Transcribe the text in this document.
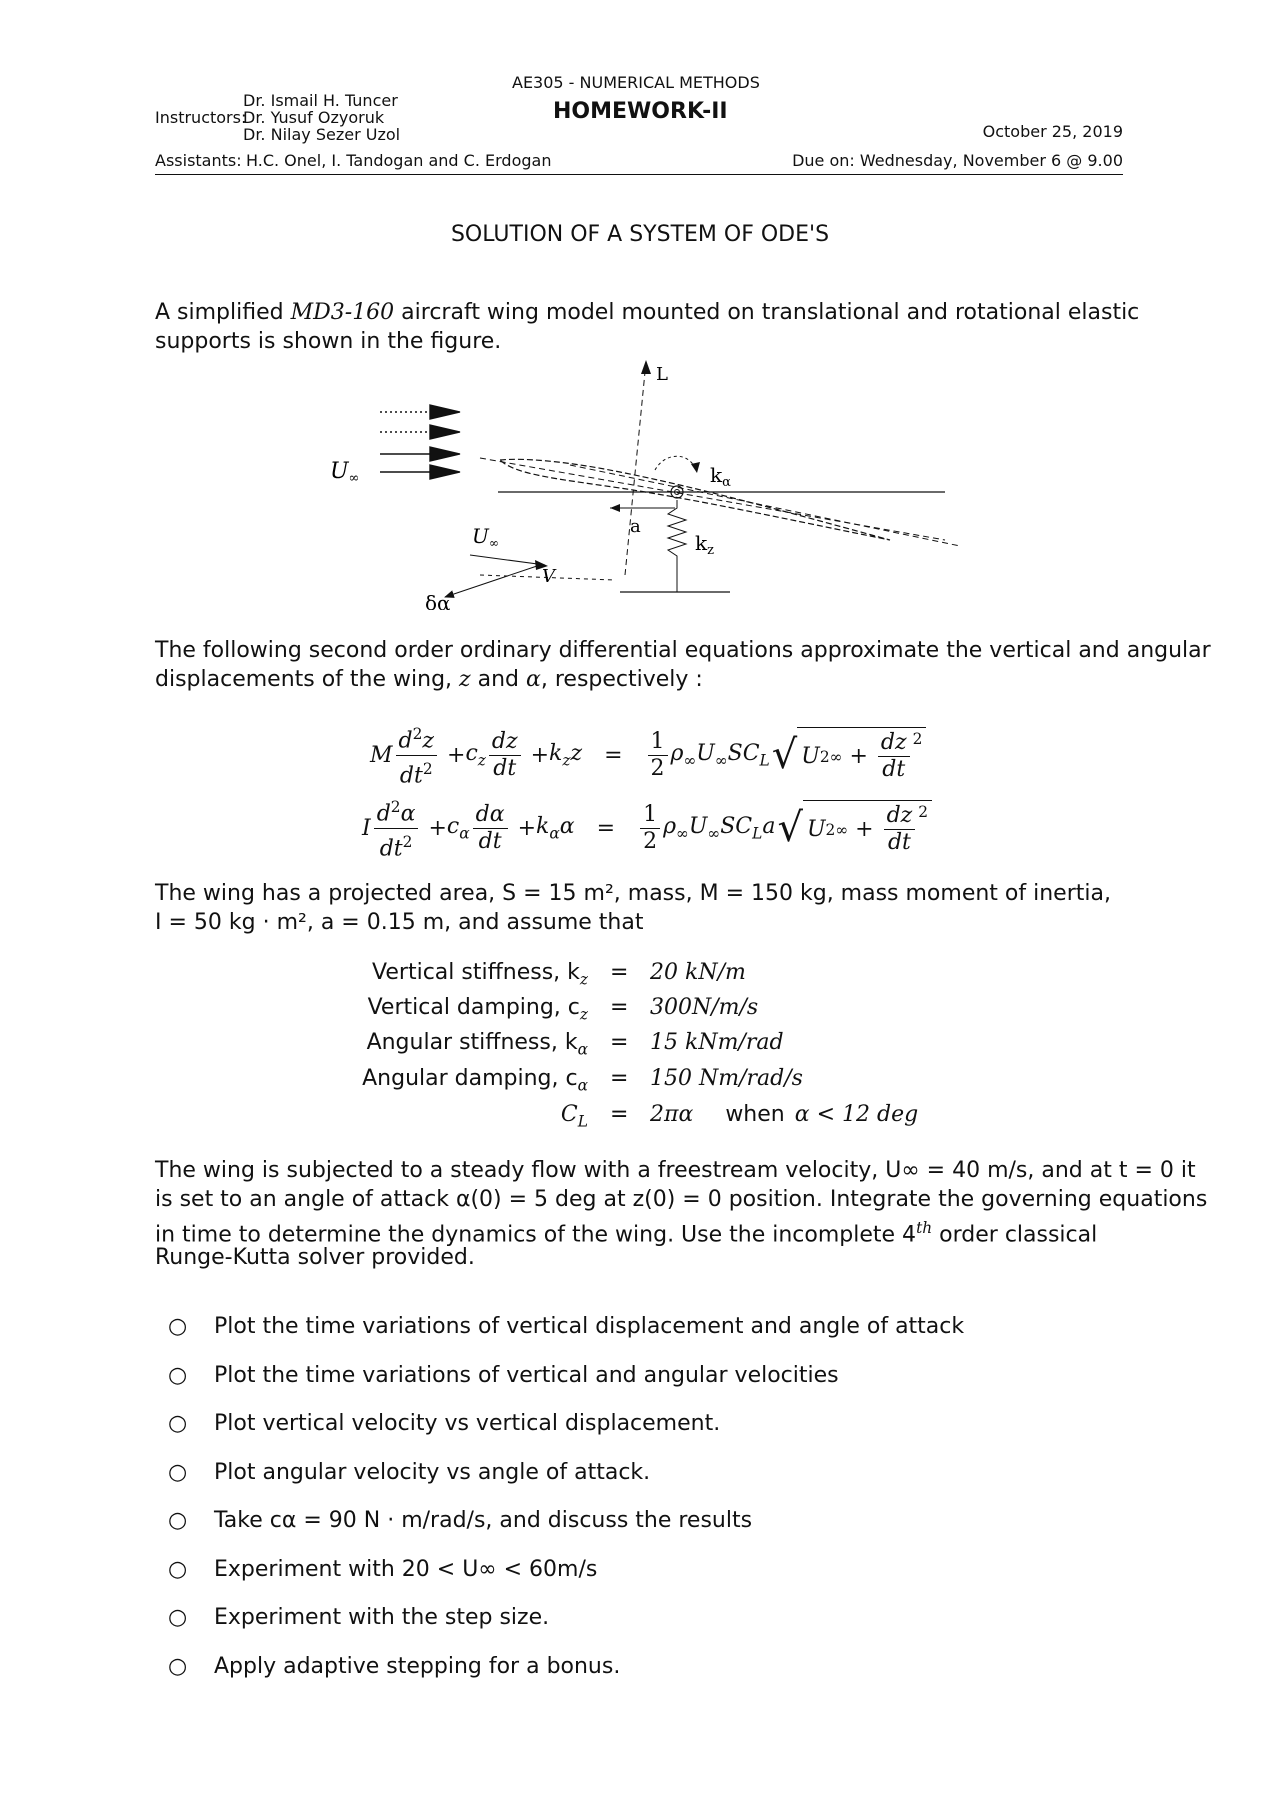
AE305 - NUMERICAL METHODS
HOMEWORK-II
Instructors:
Dr. Ismail H. Tuncer
Dr. Yusuf Ozyoruk
Dr. Nilay Sezer Uzol	October 25, 2019
Assistants: H.C. Onel, I. Tandogan and C. Erdogan	Due on: Wednesday, November 6 @ 9.00
SOLUTION OF A SYSTEM OF ODE'S
A simplified MD3-160 aircraft wing model mounted on translational and rotational elastic
supports is shown in the figure.
L
$k_\alpha$
a
$k_z$
U∞
$U_\infty$
V
δα
The following second order ordinary differential equations approximate the vertical and angular
displacements of the wing, z and α, respectively :
M $\frac{d^2z}{dt^2} + c_z \frac{dz}{dt} + k_zz = \frac{1}{2} \rho_\infty U_\infty SC_L$ √ U 2 ∞ + $\frac{dz}{dt}^2$
I $\frac{d^2\alpha}{dt^2} + c_\alpha \frac{d\alpha}{dt} + k_\alpha\alpha = \frac{1}{2} \rho_\infty U_\infty SC_La$ √ U 2 ∞ + $\frac{dz}{dt}^2$
The wing has a projected area, S = 15 m², mass, M = 150 kg, mass moment of inertia,
I = 50 kg · m², a = 0.15 m, and assume that
Vertical stiffness, $k_z = 20$ kN/m
Vertical damping, $c_z = 300N/m/s$
Angular stiffness, $k_\alpha = 15$ kNm/rad
Angular damping, $c_\alpha = 150$ Nm/rad/s
$C_L = 2\pi\alpha$ when α < 12 deg
The wing is subjected to a steady flow with a freestream velocity, U∞ = 40 m/s, and at t = 0 it
is set to an angle of attack α(0) = 5 deg at z(0) = 0 position. Integrate the governing equations
in time to determine the dynamics of the wing. Use the incomplete 4th order classical
Runge-Kutta solver provided.
○ Plot the time variations of vertical displacement and angle of attack
○ Plot the time variations of vertical and angular velocities
○ Plot vertical velocity vs vertical displacement.
○ Plot angular velocity vs angle of attack.
○ Take cα = 90 N · m/rad/s, and discuss the results
○ Experiment with 20 < U∞ < 60m/s
○ Experiment with the step size.
○ Apply adaptive stepping for a bonus.
